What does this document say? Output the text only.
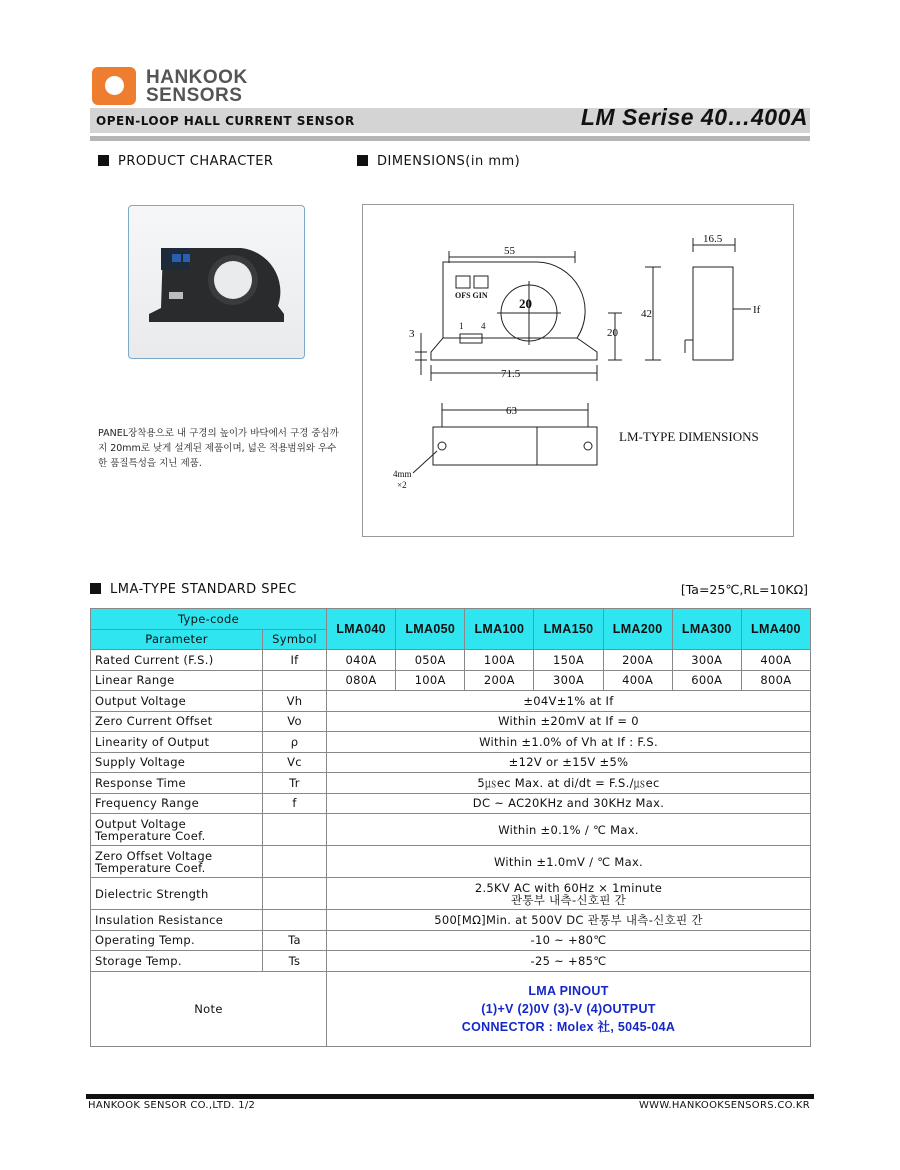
HANKOOK
SENSORS
OPEN-LOOP HALL CURRENT SENSOR	LM Serise 40…400A
PRODUCT CHARACTER	DIMENSIONS(in mm)
PANEL장착용으로 내 구경의 높이가 바닥에서 구경 중심까지 20mm로 낮게 설계된 제품이며, 넓은 적용범위와 우수한 품질특성을 지닌 제품.
55
20
16.5
42
20
3
1 4
OFS GIN
71.5
If
63
LM-TYPE DIMENSIONS
4mm
×2
LMA-TYPE STANDARD SPEC	[Ta=25℃,RL=10KΩ]
Type-code		LMA040	LMA050	LMA100	LMA150	LMA200	LMA300	LMA400
Parameter	Symbol							
Rated Current (F.S.)	If	040A	050A	100A	150A	200A	300A	400A
Linear Range		080A	100A	200A	300A	400A	600A	800A
Output Voltage	Vh	±04V±1% at If						
Zero Current Offset	Vo	Within ±20mV at If = 0						
Linearity of Output	ρ	Within ±1.0% of Vh at If : F.S.						
Supply Voltage	Vc	±12V or ±15V ±5%						
Response Time	Tr	5㎲ec Max. at di/dt = F.S./㎲ec						
Frequency Range	f	DC ~ AC20KHz and 30KHz Max.						

Output Voltage
Temperature Coef.		Within ±0.1% / ℃ Max.						

Zero Offset Voltage
Temperature Coef.		Within ±1.0mV / ℃ Max.						
Dielectric Strength		2.5KV AC with 60Hz × 1minute
관통부 내측-신호핀 간						

Insulation Resistance		500[MΩ]Min. at 500V DC 관통부 내측-신호핀 간						
Operating Temp.	Ta	-10 ~ +80℃						
Storage Temp.	Ts	-25 ~ +85℃						
Note		LMA PINOUT
(1)+V (2)0V (3)-V (4)OUTPUT
CONNECTOR : Molex 社, 5045-04A						
HANKOOK SENSOR CO.,LTD. 1/2	WWW.HANKOOKSENSORS.CO.KR
